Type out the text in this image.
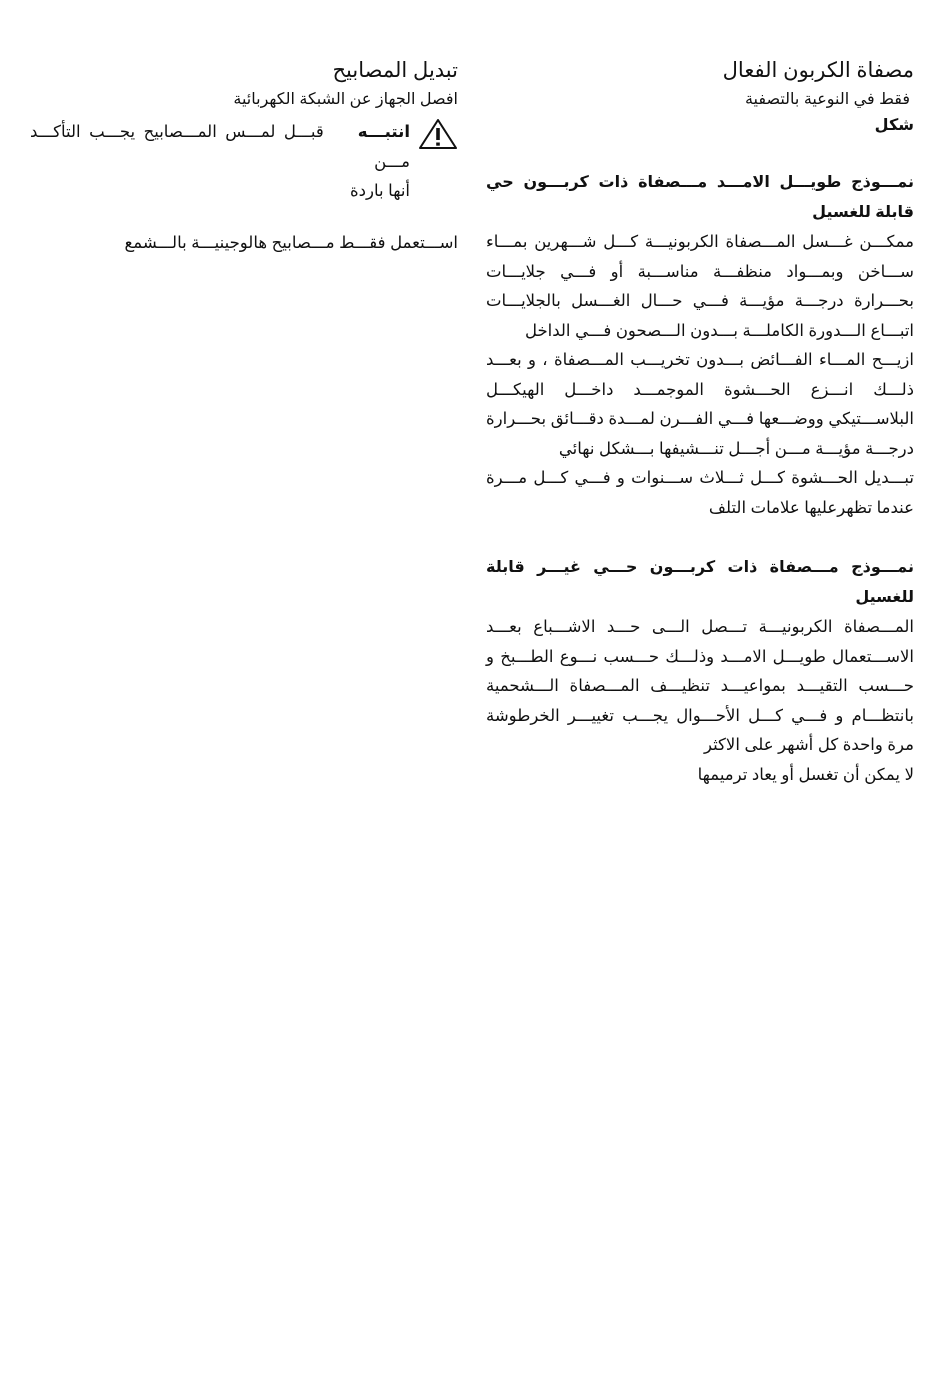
مصفاة الكربون الفعال
فقط في النوعية بالتصفية
شكل
نمـــوذج طويـــل الامـــد مـــصفاة ذات كربـــون حي قابلة للغسيل

ممكـــن غـــسل المـــصفاة الكربونيـــة كـــل شـــهرين بمـــاء ســـاخن وبمـــواد منظفـــة مناســـبة أو فـــي جلايـــات بحـــرارة درجـــة مؤيـــة فـــي حـــال الغـــسل بالجلايـــات اتبـــاع الـــدورة الكاملـــة بـــدون الـــصحون فـــي الداخل

ازيـــح المـــاء الفـــائض بـــدون تخريـــب المـــصفاة ، و بعـــد ذلـــك انـــزع الحـــشوة الموجمـــد داخـــل الهيكـــل البلاســـتيكي ووضـــعها فـــي الفـــرن لمـــدة دقـــائق بحـــرارة درجـــة مؤيـــة مـــن أجـــل تنـــشيفها بـــشكل نهائي

تبـــديل الحـــشوة كـــل ثـــلاث ســـنوات و فـــي كـــل مـــرة عندما تظهرعليها علامات التلف

نمـــوذج مـــصفاة ذات كربـــون حـــي غيـــر قابلة للغسيل

المـــصفاة الكربونيـــة تـــصل الـــى حـــد الاشـــباع بعـــد الاســـتعمال طويـــل الامـــد وذلـــك حـــسب نـــوع الطـــبخ و حـــسب التقيـــد بمواعيـــد تنظيـــف المـــصفاة الـــشحمية بانتظـــام و فـــي كـــل الأحـــوال يجـــب تغييـــر الخرطوشة مرة واحدة كل أشهر على الاكثر

لا يمكن أن تغسل أو يعاد ترميمها

تبديل المصابيح
افصل الجهاز عن الشبكة الكهربائية
انتبـــه    قبـــل لمـــس المـــصابيح يجـــب التأكـــد مـــن
أنها باردة

اســـتعمل فقـــط مـــصابيح هالوجينيـــة بالـــشمع
